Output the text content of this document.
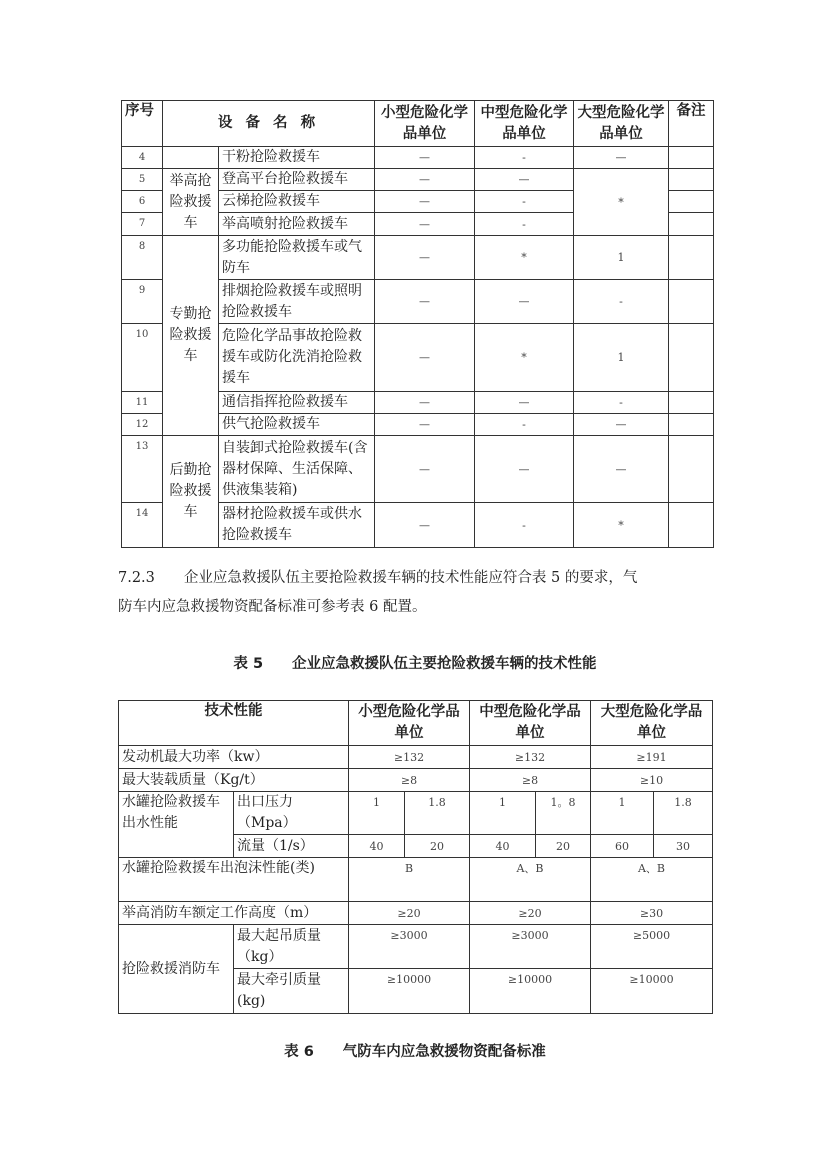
序号	设 备 名 称		小型危险化学品单位	中型危险化学品单位	大型危险化学品单位	备注
4		干粉抢险救援车	—	-	—	
5	举高抢险救援车	登高平台抢险救援车	—	—	*	
6		云梯抢险救援车	—	-		
7		举高喷射抢险救援车	—	-		
8	专勤抢险救援车	多功能抢险救援车或气防车	—	*	1	
9		排烟抢险救援车或照明抢险救援车	—	—	-	
10		危险化学品事故抢险救援车或防化洗消抢险救援车	—	*	1	
11		通信指挥抢险救援车	—	—	-	
12		供气抢险救援车	—	-	—	
13	后勤抢险救援车	自装卸式抢险救援车(含器材保障、生活保障、供液集装箱)	—	—	—	
14		器材抢险救援车或供水抢险救援车	—	-	*	
7.2.3　　企业应急救援队伍主要抢险救援车辆的技术性能应符合表 5 的要求，气
防车内应急救援物资配备标准可参考表 6 配置。
表 5　　企业应急救援队伍主要抢险救援车辆的技术性能
技术性能		小型危险化学品单位		中型危险化学品单位		大型危险化学品单位	
发动机最大功率（kw）		≥132		≥132		≥191	
最大装载质量（Kg/t）		≥8		≥8		≥10	
水罐抢险救援车出水性能	出口压力（Mpa）	1	1.8	1	1。8	1	1.8
	流量（1/s）	40	20	40	20	60	30
水罐抢险救援车出泡沫性能(类)		B		A、B		A、B	
举高消防车额定工作高度（m）		≥20		≥20		≥30	
抢险救援消防车	最大起吊质量（kg）	≥3000		≥3000		≥5000	
	最大牵引质量(kg)	≥10000		≥10000		≥10000	
表 6　　气防车内应急救援物资配备标准
